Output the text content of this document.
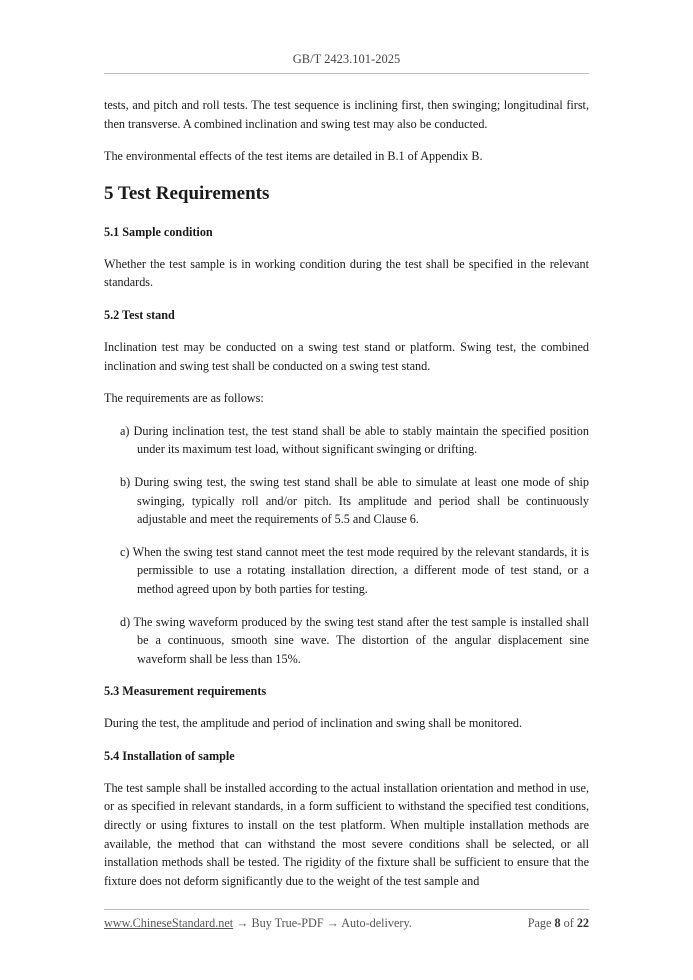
GB/T 2423.101-2025

tests, and pitch and roll tests. The test sequence is inclining first, then swinging; longitudinal first, then transverse. A combined inclination and swing test may also be conducted.

The environmental effects of the test items are detailed in B.1 of Appendix B.

5 Test Requirements
5.1 Sample condition

Whether the test sample is in working condition during the test shall be specified in the relevant standards.

5.2 Test stand

Inclination test may be conducted on a swing test stand or platform. Swing test, the combined inclination and swing test shall be conducted on a swing test stand.

The requirements are as follows:

a) During inclination test, the test stand shall be able to stably maintain the specified position under its maximum test load, without significant swinging or drifting.
b) During swing test, the swing test stand shall be able to simulate at least one mode of ship swinging, typically roll and/or pitch. Its amplitude and period shall be continuously adjustable and meet the requirements of 5.5 and Clause 6.
c) When the swing test stand cannot meet the test mode required by the relevant standards, it is permissible to use a rotating installation direction, a different mode of test stand, or a method agreed upon by both parties for testing.
d) The swing waveform produced by the swing test stand after the test sample is installed shall be a continuous, smooth sine wave. The distortion of the angular displacement sine waveform shall be less than 15%.
5.3 Measurement requirements

During the test, the amplitude and period of inclination and swing shall be monitored.

5.4 Installation of sample

The test sample shall be installed according to the actual installation orientation and method in use, or as specified in relevant standards, in a form sufficient to withstand the specified test conditions, directly or using fixtures to install on the test platform. When multiple installation methods are available, the method that can withstand the most severe conditions shall be selected, or all installation methods shall be tested. The rigidity of the fixture shall be sufficient to ensure that the fixture does not deform significantly due to the weight of the test sample and

www.ChineseStandard.net → Buy True-PDF → Auto-delivery.	Page 8 of 22
